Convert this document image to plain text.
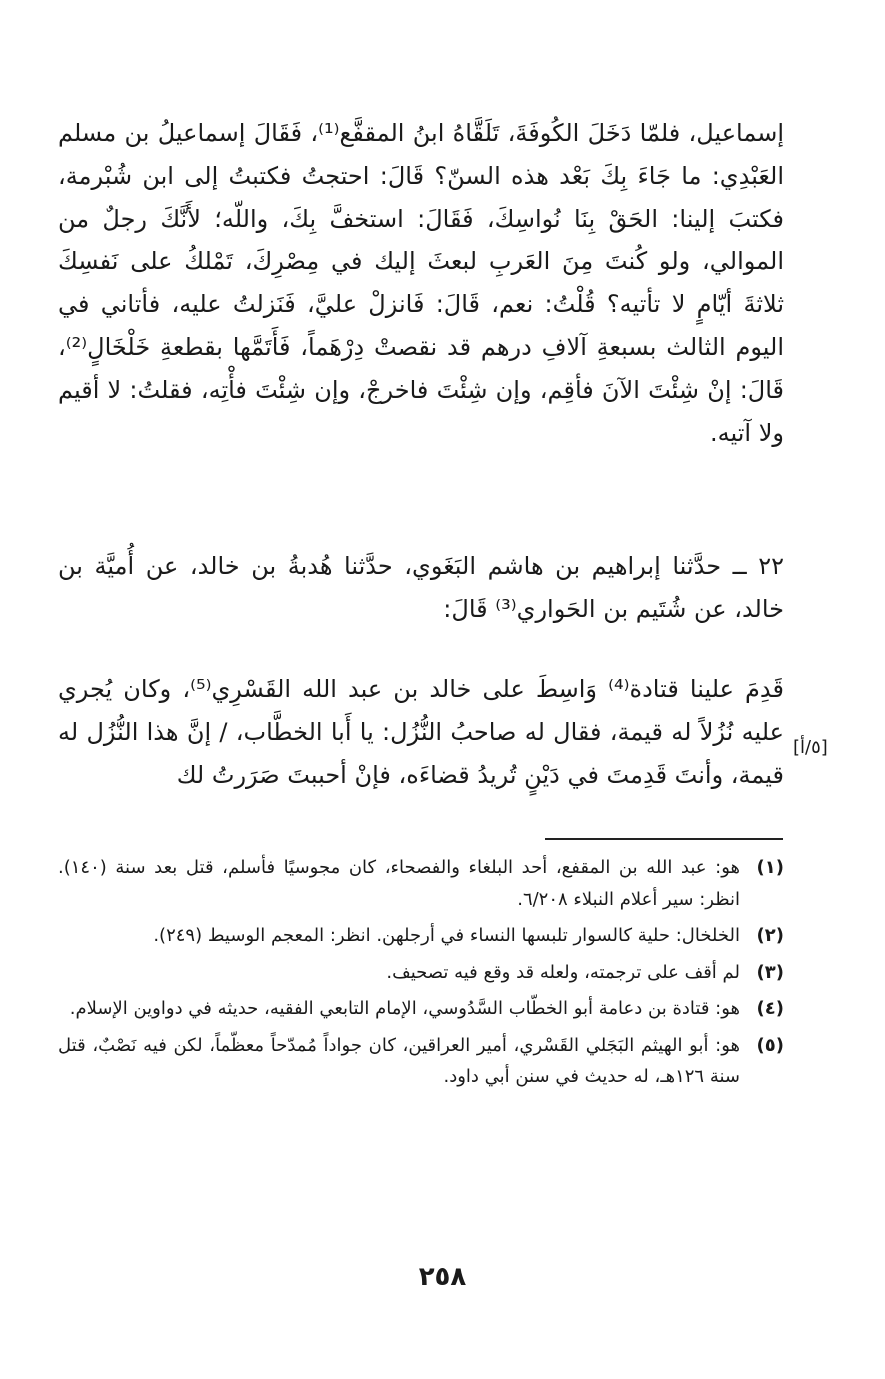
إسماعيل، فلمّا دَخَلَ الكُوفَةَ، تَلَقَّاهُ ابنُ المقفَّع⁽¹⁾، فَقَالَ إسماعيلُ بن مسلم العَبْدِي: ما جَاءَ بِكَ بَعْد هذه السنّ؟ قَالَ: احتجتُ فكتبتُ إلى ابن شُبْرمة، فكتبَ إلينا: الحَقْ بِنَا نُواسِكَ، فَقَالَ: استخفَّ بِكَ، واللّه؛ لأَنَّكَ رجلٌ من الموالي، ولو كُنتَ مِنَ العَربِ لبعثَ إليك في مِصْرِكَ، تَمْلكُ على نَفسِكَ ثلاثةَ أيّامٍ لا تأتيه؟ قُلْتُ: نعم، قَالَ: فَانزلْ عليَّ، فَنَزلتُ عليه، فأتاني في اليوم الثالث بسبعةِ آلافِ درهم قد نقصتْ دِرْهَماً، فَأَتَمَّها بقطعةِ خَلْخَالٍ⁽²⁾، قَالَ: إنْ شِئْتَ الآنَ فأقِم، وإن شِئْتَ فاخرجْ، وإن شِئْتَ فأْتِه، فقلتُ: لا أقيم ولا آتيه.
٢٢ ــ حدَّثنا إبراهيم بن هاشم البَغَوي، حدَّثنا هُدبةُ بن خالد، عن أُميَّة بن خالد، عن شُتَيم بن الحَواري⁽³⁾ قَالَ:
قَدِمَ علينا قتادة⁽⁴⁾ وَاسِطَ على خالد بن عبد الله القَسْرِي⁽⁵⁾، وكان يُجري عليه نُزُلاً له قيمة، فقال له صاحبُ النُّزُل: يا أَبا الخطَّاب، / إنَّ هذا النُّزُل له قيمة، وأنتَ قَدِمتَ في دَيْنٍ تُريدُ قضاءَه، فإنْ أحببتَ صَرَرتُ لك
[٥/أ]
(١)
هو: عبد الله بن المقفع، أحد البلغاء والفصحاء، كان مجوسيًا فأسلم، قتل بعد سنة (١٤٠). انظر: سير أعلام النبلاء ٦/٢٠٨.
(٢)
الخلخال: حلية كالسوار تلبسها النساء في أرجلهن. انظر: المعجم الوسيط (٢٤٩).
(٣)
لم أقف على ترجمته، ولعله قد وقع فيه تصحيف.
(٤)
هو: قتادة بن دعامة أبو الخطّاب السَّدُوسي، الإمام التابعي الفقيه، حديثه في دواوين الإسلام.
(٥)
هو: أبو الهيثم البَجَلي القَسْري، أمير العراقين، كان جواداً مُمدّحاً معظّماً، لكن فيه نَصْبٌ، قتل سنة ١٢٦هـ، له حديث في سنن أبي داود.
٢٥٨
